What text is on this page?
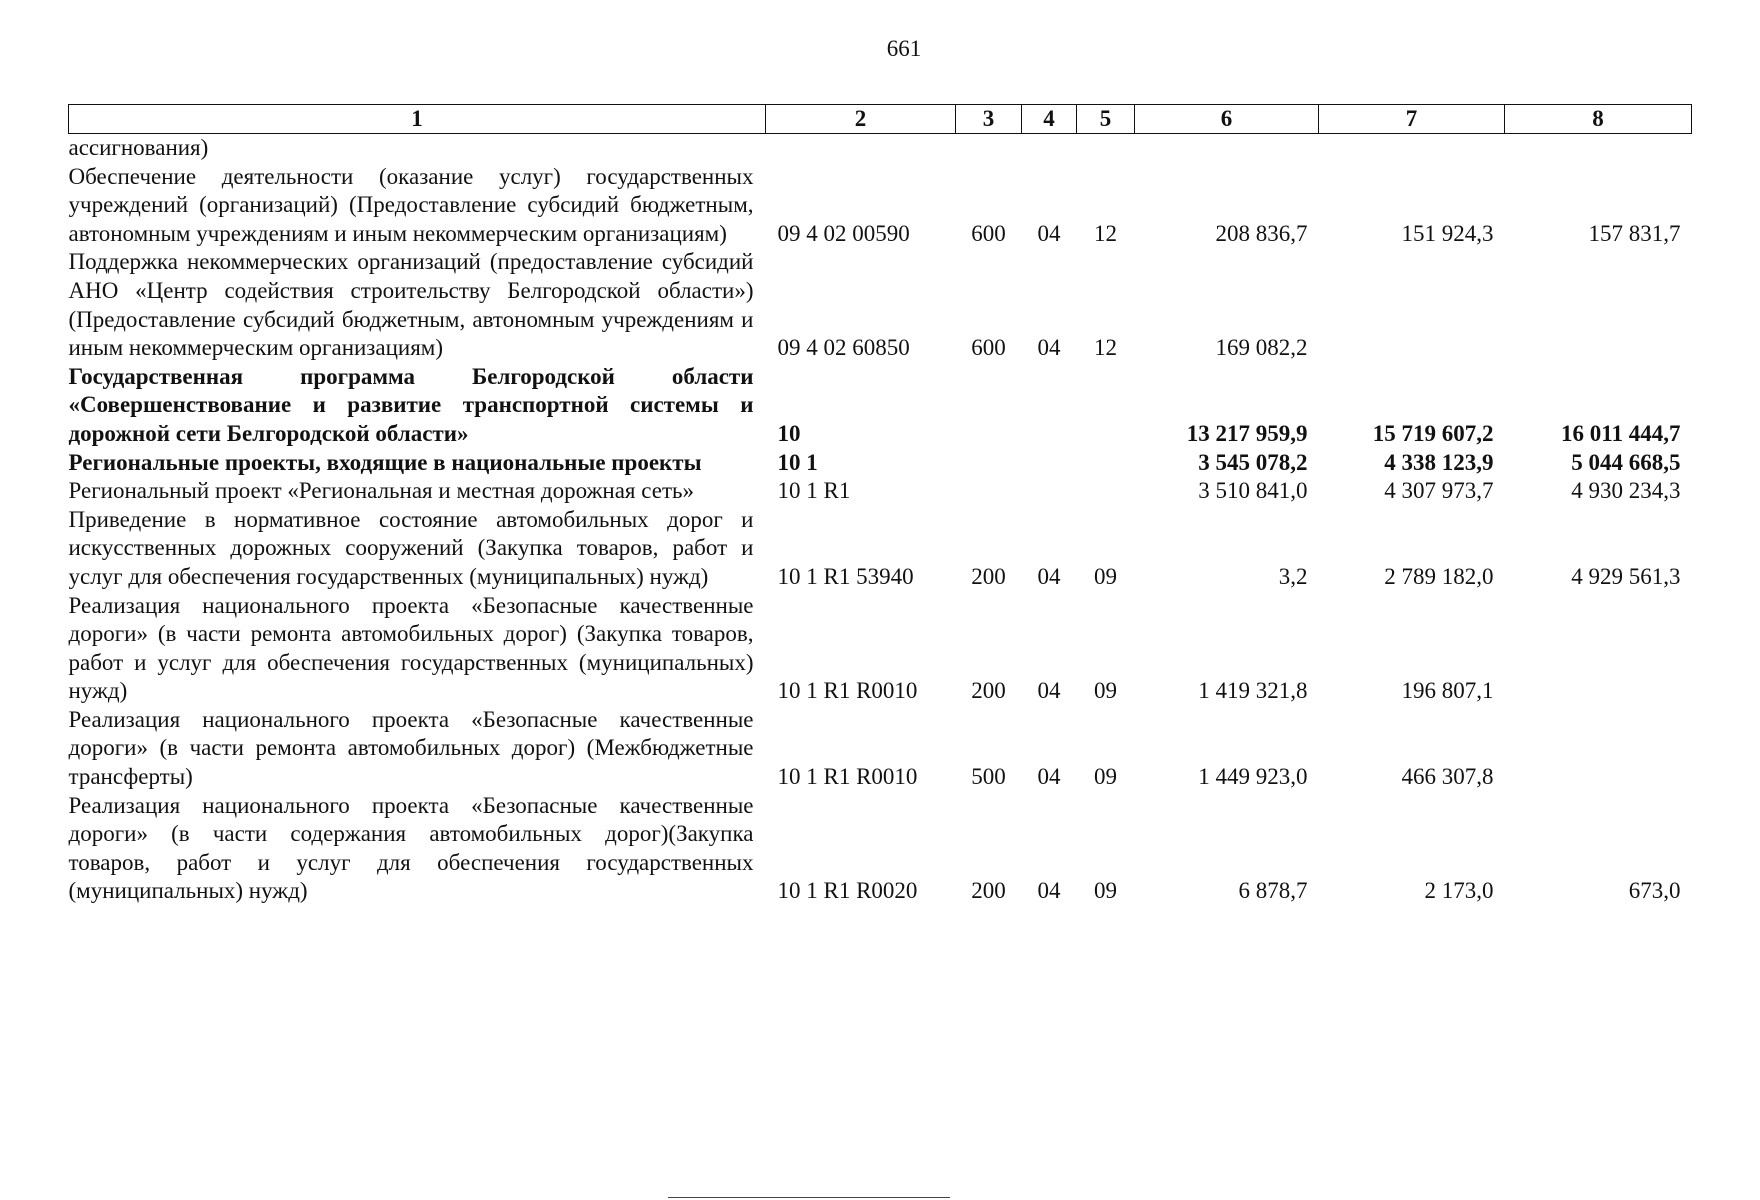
661
1	2	3	4	5	6	7	8
ассигнования)							
Обеспечение деятельности (оказание услуг) государственных учреждений (организаций) (Предоставление субсидий бюджетным, автономным учреждениям и иным некоммерческим организациям)	09 4 02 00590	600	04	12	208 836,7	151 924,3	157 831,7
Поддержка некоммерческих организаций (предоставление субсидий АНО «Центр содействия строительству Белгородской области») (Предоставление субсидий бюджетным, автономным учреждениям и иным некоммерческим организациям)	09 4 02 60850	600	04	12	169 082,2		
Государственная программа Белгородской области «Совершенствование и развитие транспортной системы и дорожной сети Белгородской области»	10				13 217 959,9	15 719 607,2	16 011 444,7
Региональные проекты, входящие в национальные проекты	10 1				3 545 078,2	4 338 123,9	5 044 668,5
Региональный проект «Региональная и местная дорожная сеть»	10 1 R1				3 510 841,0	4 307 973,7	4 930 234,3
Приведение в нормативное состояние автомобильных дорог и искусственных дорожных сооружений (Закупка товаров, работ и услуг для обеспечения государственных (муниципальных) нужд)	10 1 R1 53940	200	04	09	3,2	2 789 182,0	4 929 561,3
Реализация национального проекта «Безопасные качественные дороги» (в части ремонта автомобильных дорог) (Закупка товаров, работ и услуг для обеспечения государственных (муниципальных) нужд)	10 1 R1 R0010	200	04	09	1 419 321,8	196 807,1	
Реализация национального проекта «Безопасные качественные дороги» (в части ремонта автомобильных дорог) (Межбюджетные трансферты)	10 1 R1 R0010	500	04	09	1 449 923,0	466 307,8	
Реализация национального проекта «Безопасные качественные дороги» (в части содержания автомобильных дорог)(Закупка товаров, работ и услуг для обеспечения государственных (муниципальных) нужд)	10 1 R1 R0020	200	04	09	6 878,7	2 173,0	673,0
